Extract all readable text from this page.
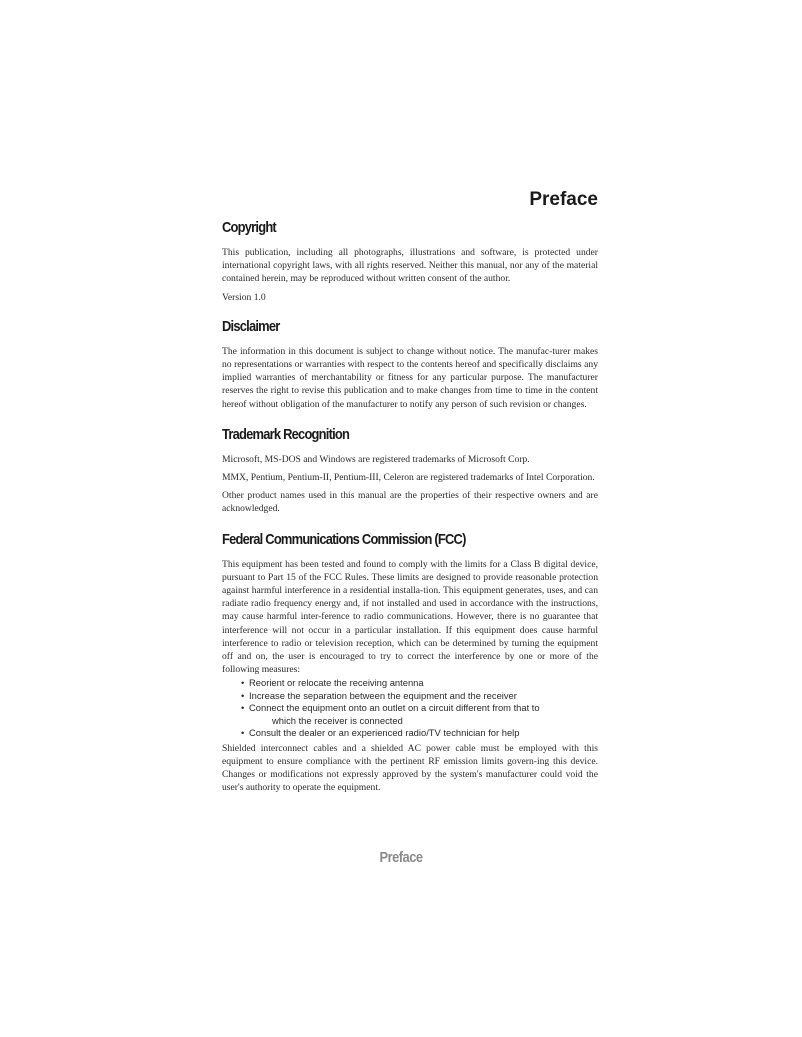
Preface
Copyright

This publication, including all photographs, illustrations and software, is protected under international copyright laws, with all rights reserved. Neither this manual, nor any of the material contained herein, may be reproduced without written consent of the author.

Version 1.0

Disclaimer

The information in this document is subject to change without notice. The manufac-turer makes no representations or warranties with respect to the contents hereof and specifically disclaims any implied warranties of merchantability or fitness for any particular purpose. The manufacturer reserves the right to revise this publication and to make changes from time to time in the content hereof without obligation of the manufacturer to notify any person of such revision or changes.

Trademark Recognition

Microsoft, MS-DOS and Windows are registered trademarks of Microsoft Corp.

MMX, Pentium, Pentium-II, Pentium-III, Celeron are registered trademarks of Intel Corporation.

Other product names used in this manual are the properties of their respective owners and are acknowledged.

Federal Communications Commission (FCC)

This equipment has been tested and found to comply with the limits for a Class B digital device, pursuant to Part 15 of the FCC Rules. These limits are designed to provide reasonable protection against harmful interference in a residential installa-tion. This equipment generates, uses, and can radiate radio frequency energy and, if not installed and used in accordance with the instructions, may cause harmful inter-ference to radio communications. However, there is no guarantee that interference will not occur in a particular installation. If this equipment does cause harmful interference to radio or television reception, which can be determined by turning the equipment off and on, the user is encouraged to try to correct the interference by one or more of the following measures:

• Reorient or relocate the receiving antenna
• Increase the separation between the equipment and the receiver
• Connect the equipment onto an outlet on a circuit different from that to
which the receiver is connected
• Consult the dealer or an experienced radio/TV technician for help

Shielded interconnect cables and a shielded AC power cable must be employed with this equipment to ensure compliance with the pertinent RF emission limits govern-ing this device. Changes or modifications not expressly approved by the system's manufacturer could void the user's authority to operate the equipment.

Preface
